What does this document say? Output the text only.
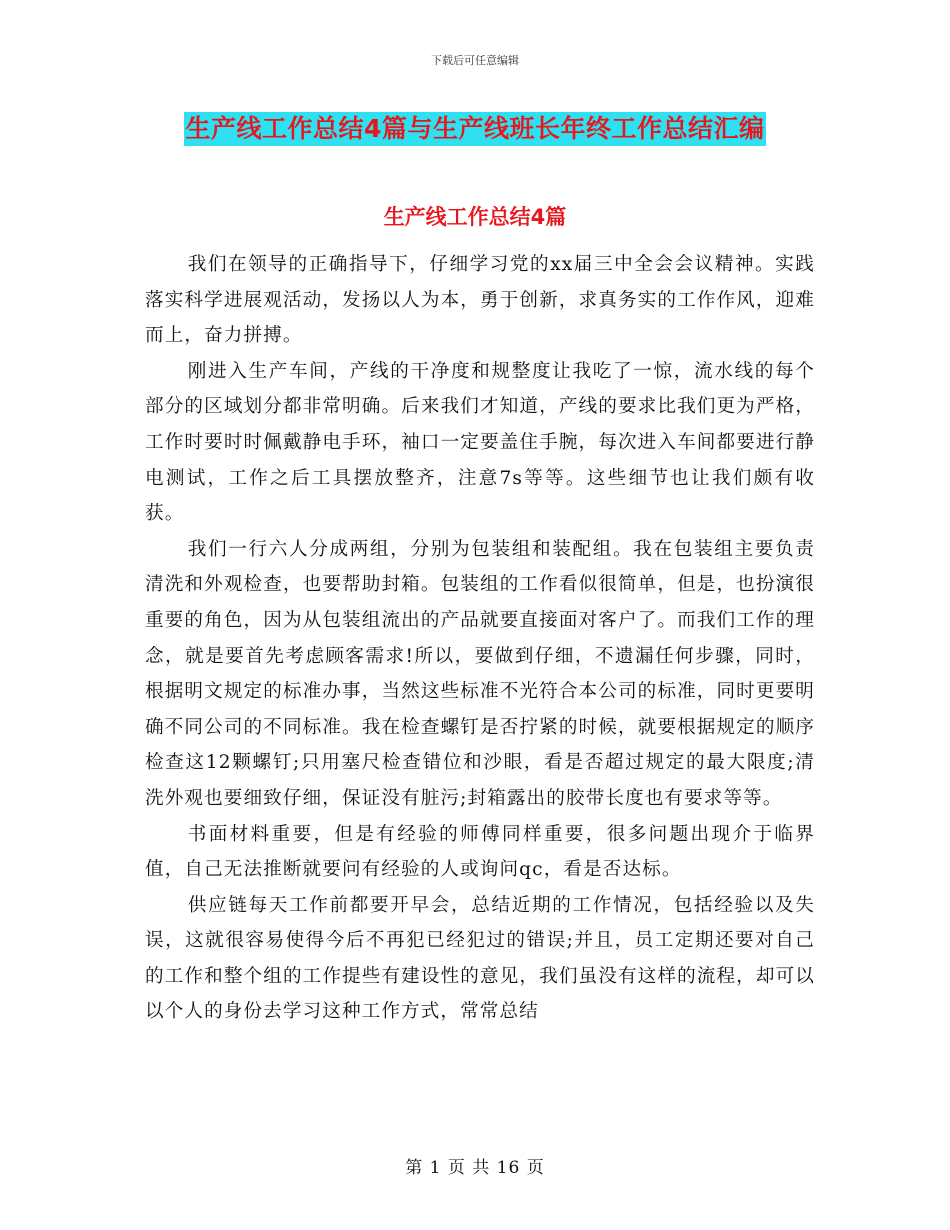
下载后可任意编辑
生产线工作总结4篇与生产线班长年终工作总结汇编
生产线工作总结4篇

我们在领导的正确指导下，仔细学习党的xx届三中全会会议精神。实践落实科学进展观活动，发扬以人为本，勇于创新，求真务实的工作作风，迎难而上，奋力拼搏。

刚进入生产车间，产线的干净度和规整度让我吃了一惊，流水线的每个部分的区域划分都非常明确。后来我们才知道，产线的要求比我们更为严格，工作时要时时佩戴静电手环，袖口一定要盖住手腕，每次进入车间都要进行静电测试，工作之后工具摆放整齐，注意7s等等。这些细节也让我们颇有收获。

我们一行六人分成两组，分别为包装组和装配组。我在包装组主要负责清洗和外观检查，也要帮助封箱。包装组的工作看似很简单，但是，也扮演很重要的角色，因为从包装组流出的产品就要直接面对客户了。而我们工作的理念，就是要首先考虑顾客需求!所以，要做到仔细，不遗漏任何步骤，同时，根据明文规定的标准办事，当然这些标准不光符合本公司的标准，同时更要明确不同公司的不同标准。我在检查螺钉是否拧紧的时候，就要根据规定的顺序检查这12颗螺钉;只用塞尺检查错位和沙眼，看是否超过规定的最大限度;清洗外观也要细致仔细，保证没有脏污;封箱露出的胶带长度也有要求等等。

书面材料重要，但是有经验的师傅同样重要，很多问题出现介于临界值，自己无法推断就要问有经验的人或询问qc，看是否达标。

供应链每天工作前都要开早会，总结近期的工作情况，包括经验以及失误，这就很容易使得今后不再犯已经犯过的错误;并且，员工定期还要对自己的工作和整个组的工作提些有建设性的意见，我们虽没有这样的流程，却可以以个人的身份去学习这种工作方式，常常总结

第 1 页 共 16 页
